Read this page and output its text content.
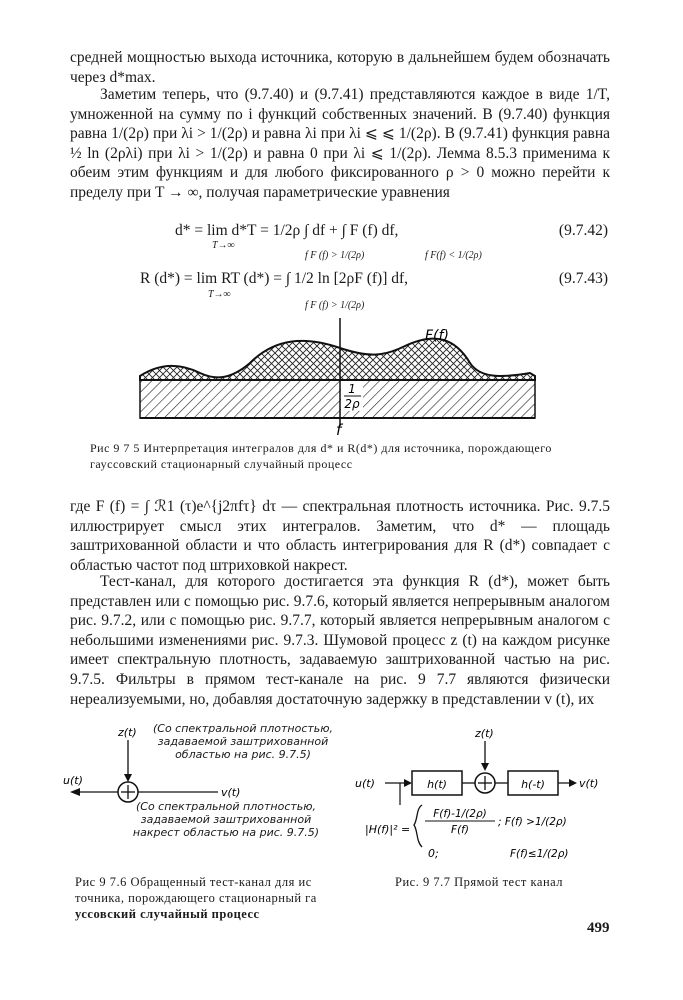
средней мощностью выхода источника, которую в дальнейшем будем обозначать через d*max.

Заметим теперь, что (9.7.40) и (9.7.41) представляются каждое в виде 1/T, умноженной на сумму по i функций собственных значений. В (9.7.40) функция равна 1/(2ρ) при λi > 1/(2ρ) и равна λi при λi ⩽ ⩽ 1/(2ρ). В (9.7.41) функция равна ½ ln (2ρλi) при λi > 1/(2ρ) и равна 0 при λi ⩽ 1/(2ρ). Лемма 8.5.3 применима к обеим этим функциям и для любого фиксированного ρ > 0 можно перейти к пределу при T → ∞, получая параметрические уравнения

d* = lim d*T = 1/2ρ ∫ df + ∫ F (f) df,
T→∞
f F (f) > 1/(2ρ)	f F(f) < 1/(2ρ)
(9.7.42)
R (d*) = lim RT (d*) = ∫ 1/2 ln [2ρF (f)] df,
T→∞
f F (f) > 1/(2ρ)
(9.7.43)
1
2ρ
F(f)
f
Рис 9 7 5 Интерпретация интегралов для d* и R(d*) для источника, порождающего гауссовский стационарный случайный процесс

где F (f) = ∫ ℛ1 (τ)e^{j2πfτ} dτ — спектральная плотность источника. Рис. 9.7.5 иллюстрирует смысл этих интегралов. Заметим, что d* — площадь заштрихованной области и что область интегрирования для R (d*) совпадает с областью частот под штриховкой накрест.

Тест-канал, для которого достигается эта функция R (d*), может быть представлен или с помощью рис. 9.7.6, который является непрерывным аналогом рис. 9.7.2, или с помощью рис. 9.7.7, который является непрерывным аналогом с небольшими изменениями рис. 9.7.3. Шумовой процесс z (t) на каждом рисунке имеет спектральную плотность, задаваемую заштрихованной частью на рис. 9.7.5. Фильтры в прямом тест-канале на рис. 9 7.7 являются физически нереализуемыми, но, добавляя достаточную задержку в представлении v (t), их

z(t)
u(t)
v(t)
(Со спектральной плотностью, задаваемой заштрихованной областью на рис. 9.7.5)
(Со спектральной плотностью, задаваемой заштрихованной накрест областью на рис. 9.7.5)
Рис 9 7.6 Обращенный тест-канал для ис
точника, порождающего стационарный га
уссовский случайный процесс
z(t)
u(t)	h(t)	h(-t)	v(t)
|H(f)|² =
F(f)-1/(2ρ)
F(f)
; F(f) >1/(2ρ)
0;	F(f)≤1/(2ρ)
Рис. 9 7.7 Прямой тест канал
499
